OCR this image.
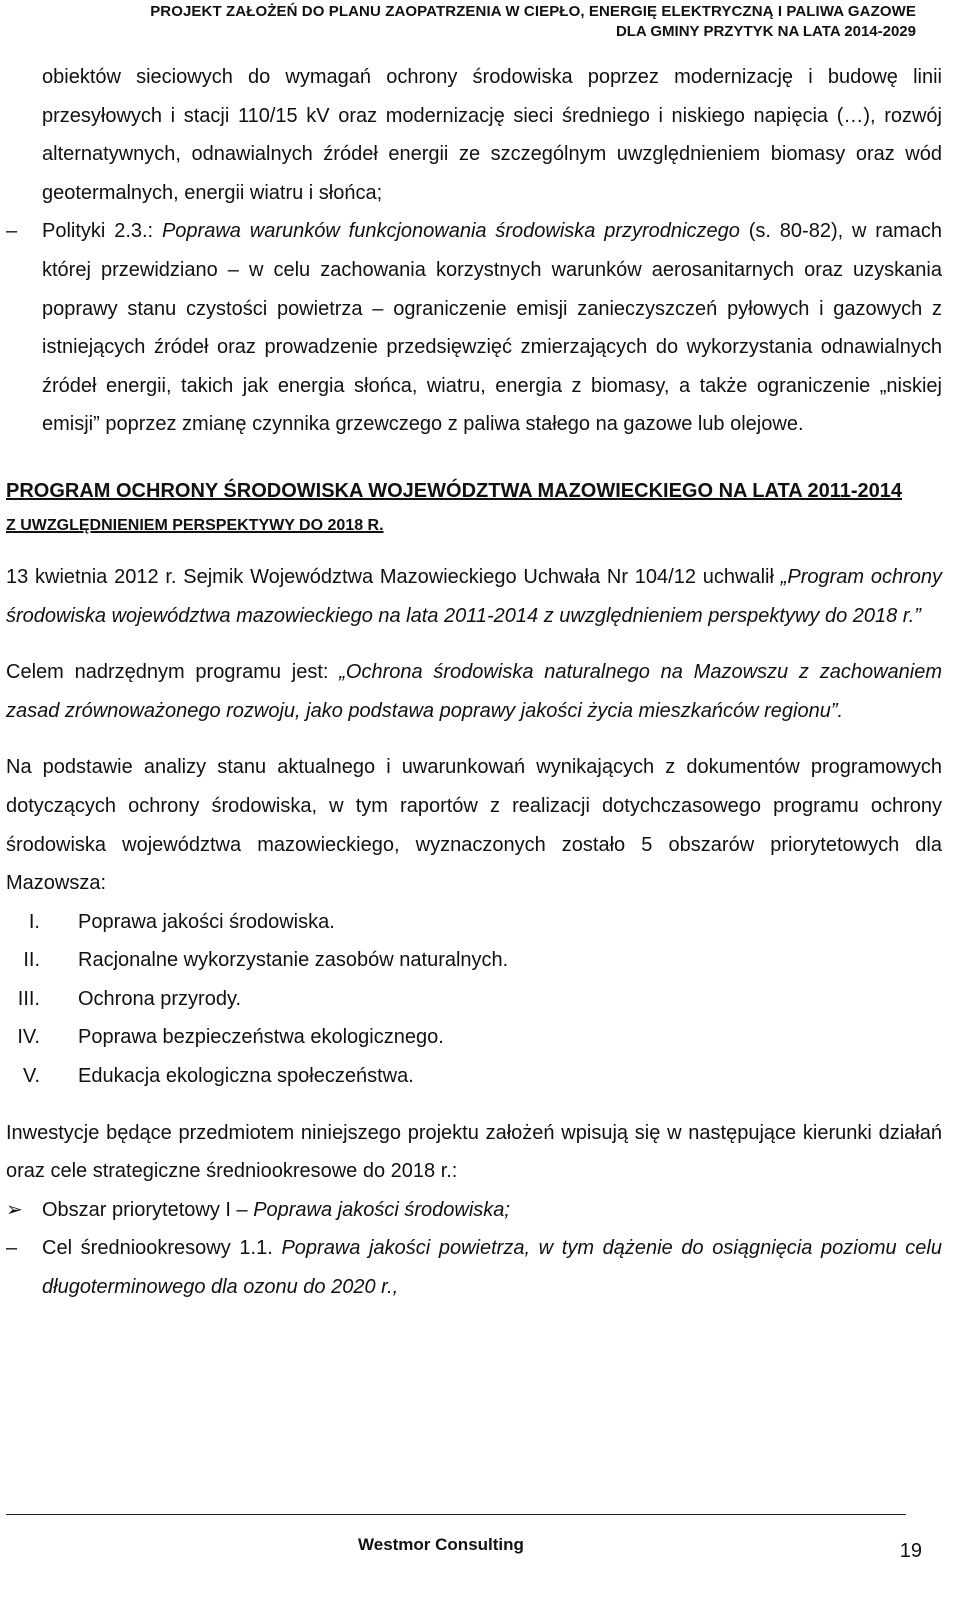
PROJEKT ZAŁOŻEŃ DO PLANU ZAOPATRZENIA W CIEPŁO, ENERGIĘ ELEKTRYCZNĄ I PALIWA GAZOWE
DLA GMINY PRZYTYK NA LATA 2014-2029

obiektów sieciowych do wymagań ochrony środowiska poprzez modernizację i budowę linii przesyłowych i stacji 110/15 kV oraz modernizację sieci średniego i niskiego napięcia (…), rozwój alternatywnych, odnawialnych źródeł energii ze szczególnym uwzględnieniem biomasy oraz wód geotermalnych, energii wiatru i słońca;

– Polityki 2.3.: Poprawa warunków funkcjonowania środowiska przyrodniczego (s. 80-82), w ramach której przewidziano – w celu zachowania korzystnych warunków aerosanitarnych oraz uzyskania poprawy stanu czystości powietrza – ograniczenie emisji zanieczyszczeń pyłowych i gazowych z istniejących źródeł oraz prowadzenie przedsięwzięć zmierzających do wykorzystania odnawialnych źródeł energii, takich jak energia słońca, wiatru, energia z biomasy, a także ograniczenie „niskiej emisji” poprzez zmianę czynnika grzewczego z paliwa stałego na gazowe lub olejowe.

PROGRAM OCHRONY ŚRODOWISKA WOJEWÓDZTWA MAZOWIECKIEGO NA LATA 2011-2014

Z UWZGLĘDNIENIEM PERSPEKTYWY DO 2018 R.

13 kwietnia 2012 r. Sejmik Województwa Mazowieckiego Uchwała Nr 104/12 uchwalił „Program ochrony środowiska województwa mazowieckiego na lata 2011-2014 z uwzględnieniem perspektywy do 2018 r.”

Celem nadrzędnym programu jest: „Ochrona środowiska naturalnego na Mazowszu z zachowaniem zasad zrównoważonego rozwoju, jako podstawa poprawy jakości życia mieszkańców regionu”.

Na podstawie analizy stanu aktualnego i uwarunkowań wynikających z dokumentów programowych dotyczących ochrony środowiska, w tym raportów z realizacji dotychczasowego programu ochrony środowiska województwa mazowieckiego, wyznaczonych zostało 5 obszarów priorytetowych dla Mazowsza:

I. Poprawa jakości środowiska.
II. Racjonalne wykorzystanie zasobów naturalnych.
III. Ochrona przyrody.
IV. Poprawa bezpieczeństwa ekologicznego.
V. Edukacja ekologiczna społeczeństwa.

Inwestycje będące przedmiotem niniejszego projektu założeń wpisują się w następujące kierunki działań oraz cele strategiczne średniookresowe do 2018 r.:

➢ Obszar priorytetowy I – Poprawa jakości środowiska;
– Cel średniookresowy 1.1. Poprawa jakości powietrza, w tym dążenie do osiągnięcia poziomu celu długoterminowego dla ozonu do 2020 r.,
Westmor Consulting	19
